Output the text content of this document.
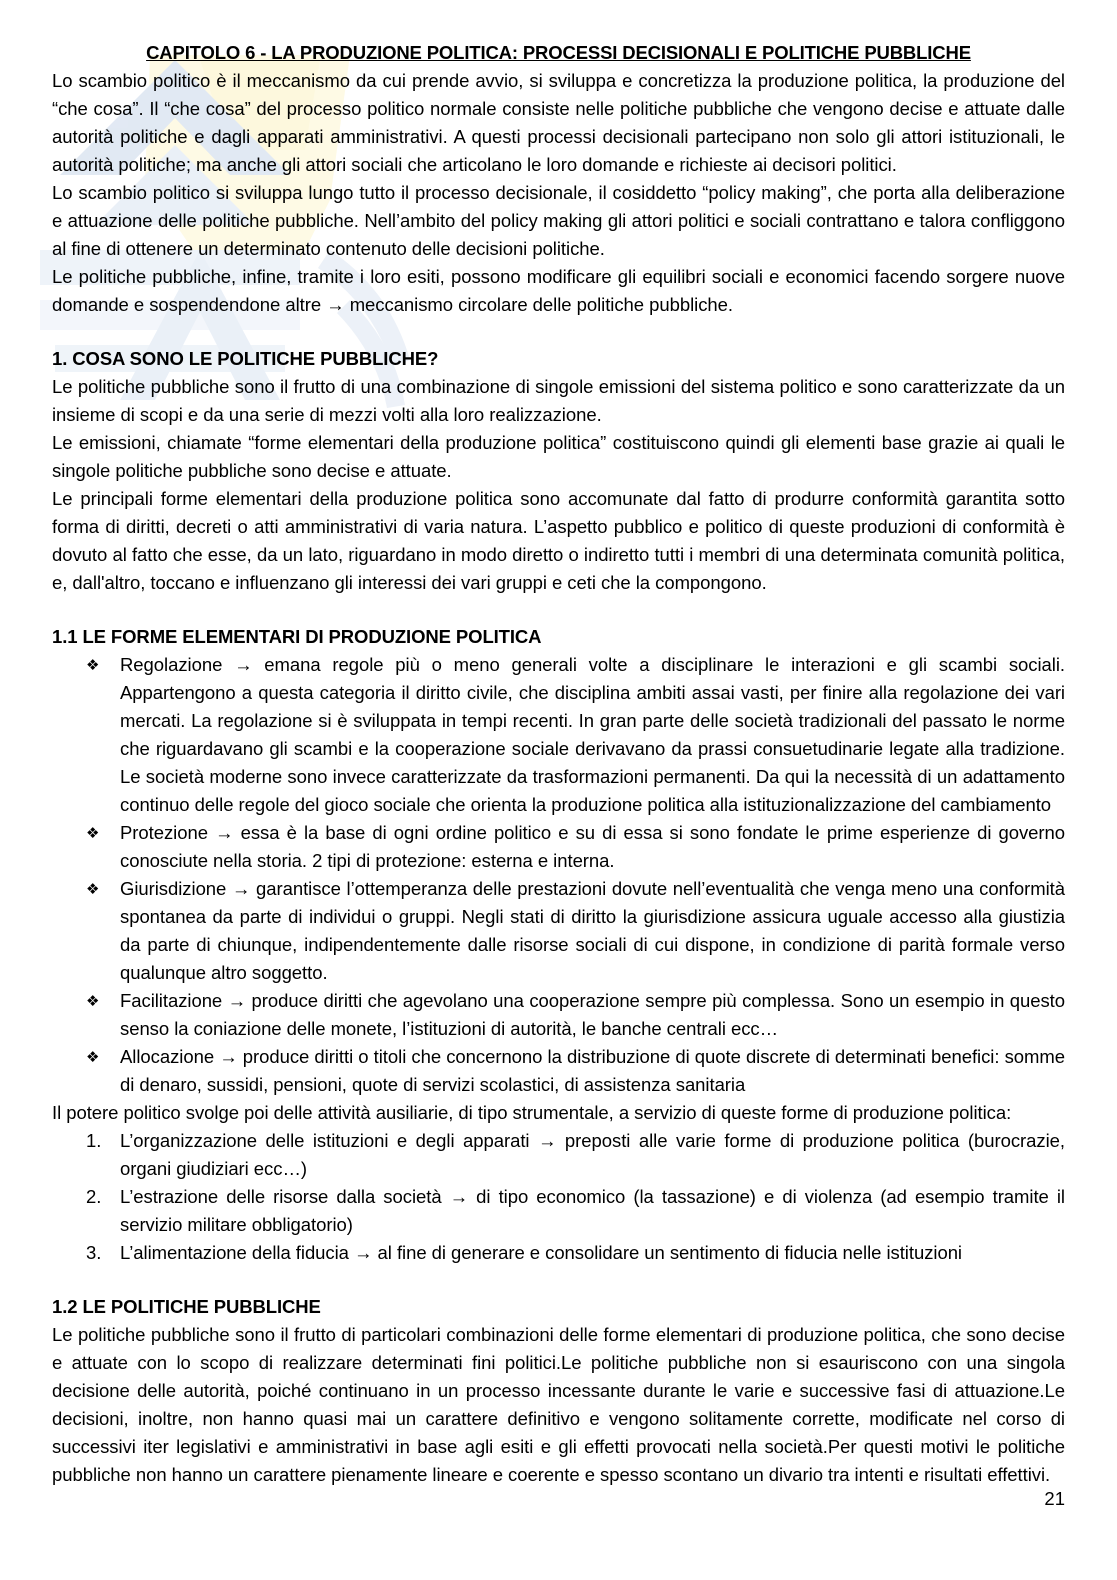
CAPITOLO 6 - LA PRODUZIONE POLITICA: PROCESSI DECISIONALI E POLITICHE PUBBLICHE

Lo scambio politico è il meccanismo da cui prende avvio, si sviluppa e concretizza la produzione politica, la produzione del “che cosa”. Il “che cosa” del processo politico normale consiste nelle politiche pubbliche che vengono decise e attuate dalle autorità politiche e dagli apparati amministrativi. A questi processi decisionali partecipano non solo gli attori istituzionali, le autorità politiche; ma anche gli attori sociali che articolano le loro domande e richieste ai decisori politici.

Lo scambio politico si sviluppa lungo tutto il processo decisionale, il cosiddetto “policy making”, che porta alla deliberazione e attuazione delle politiche pubbliche. Nell’ambito del policy making gli attori politici e sociali contrattano e talora confliggono al fine di ottenere un determinato contenuto delle decisioni politiche.

Le politiche pubbliche, infine, tramite i loro esiti, possono modificare gli equilibri sociali e economici facendo sorgere nuove domande e sospendendone altre → meccanismo circolare delle politiche pubbliche.

1. COSA SONO LE POLITICHE PUBBLICHE?

Le politiche pubbliche sono il frutto di una combinazione di singole emissioni del sistema politico e sono caratterizzate da un insieme di scopi e da una serie di mezzi volti alla loro realizzazione.

Le emissioni, chiamate “forme elementari della produzione politica” costituiscono quindi gli elementi base grazie ai quali le singole politiche pubbliche sono decise e attuate.

Le principali forme elementari della produzione politica sono accomunate dal fatto di produrre conformità garantita sotto forma di diritti, decreti o atti amministrativi di varia natura. L’aspetto pubblico e politico di queste produzioni di conformità è dovuto al fatto che esse, da un lato, riguardano in modo diretto o indiretto tutti i membri di una determinata comunità politica, e, dall'altro, toccano e influenzano gli interessi dei vari gruppi e ceti che la compongono.

1.1 LE FORME ELEMENTARI DI PRODUZIONE POLITICA
❖ Regolazione → emana regole più o meno generali volte a disciplinare le interazioni e gli scambi sociali. Appartengono a questa categoria il diritto civile, che disciplina ambiti assai vasti, per finire alla regolazione dei vari mercati. La regolazione si è sviluppata in tempi recenti. In gran parte delle società tradizionali del passato le norme che riguardavano gli scambi e la cooperazione sociale derivavano da prassi consuetudinarie legate alla tradizione. Le società moderne sono invece caratterizzate da trasformazioni permanenti. Da qui la necessità di un adattamento continuo delle regole del gioco sociale che orienta la produzione politica alla istituzionalizzazione del cambiamento
❖ Protezione → essa è la base di ogni ordine politico e su di essa si sono fondate le prime esperienze di governo conosciute nella storia. 2 tipi di protezione: esterna e interna.
❖ Giurisdizione → garantisce l’ottemperanza delle prestazioni dovute nell’eventualità che venga meno una conformità spontanea da parte di individui o gruppi. Negli stati di diritto la giurisdizione assicura uguale accesso alla giustizia da parte di chiunque, indipendentemente dalle risorse sociali di cui dispone, in condizione di parità formale verso qualunque altro soggetto.
❖ Facilitazione → produce diritti che agevolano una cooperazione sempre più complessa. Sono un esempio in questo senso la coniazione delle monete, l’istituzioni di autorità, le banche centrali ecc…
❖ Allocazione → produce diritti o titoli che concernono la distribuzione di quote discrete di determinati benefici: somme di denaro, sussidi, pensioni, quote di servizi scolastici, di assistenza sanitaria

Il potere politico svolge poi delle attività ausiliarie, di tipo strumentale, a servizio di queste forme di produzione politica:

1. L’organizzazione delle istituzioni e degli apparati → preposti alle varie forme di produzione politica (burocrazie, organi giudiziari ecc…)
2. L’estrazione delle risorse dalla società → di tipo economico (la tassazione) e di violenza (ad esempio tramite il servizio militare obbligatorio)
3. L’alimentazione della fiducia → al fine di generare e consolidare un sentimento di fiducia nelle istituzioni
1.2 LE POLITICHE PUBBLICHE

Le politiche pubbliche sono il frutto di particolari combinazioni delle forme elementari di produzione politica, che sono decise e attuate con lo scopo di realizzare determinati fini politici.Le politiche pubbliche non si esauriscono con una singola decisione delle autorità, poiché continuano in un processo incessante durante le varie e successive fasi di attuazione.Le decisioni, inoltre, non hanno quasi mai un carattere definitivo e vengono solitamente corrette, modificate nel corso di successivi iter legislativi e amministrativi in base agli esiti e gli effetti provocati nella società.Per questi motivi le politiche pubbliche non hanno un carattere pienamente lineare e coerente e spesso scontano un divario tra intenti e risultati effettivi.

21
